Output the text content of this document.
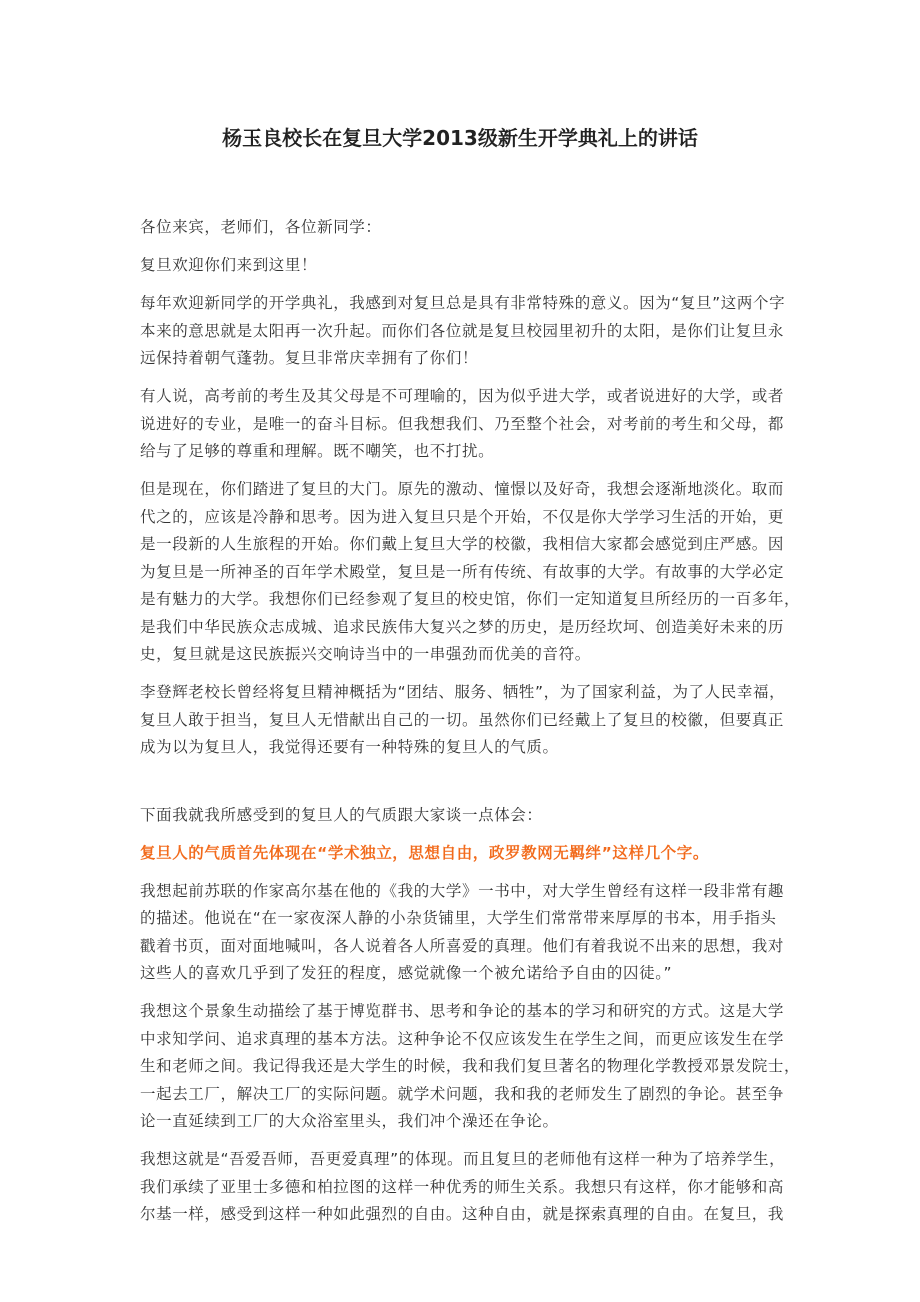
杨玉良校长在复旦大学2013级新生开学典礼上的讲话
各位来宾，老师们，各位新同学：
复旦欢迎你们来到这里！
每年欢迎新同学的开学典礼，我感到对复旦总是具有非常特殊的意义。因为“复旦”这两个字
本来的意思就是太阳再一次升起。而你们各位就是复旦校园里初升的太阳，是你们让复旦永
远保持着朝气蓬勃。复旦非常庆幸拥有了你们！
有人说，高考前的考生及其父母是不可理喻的，因为似乎进大学，或者说进好的大学，或者
说进好的专业，是唯一的奋斗目标。但我想我们、乃至整个社会，对考前的考生和父母，都
给与了足够的尊重和理解。既不嘲笑，也不打扰。
但是现在，你们踏进了复旦的大门。原先的激动、憧憬以及好奇，我想会逐渐地淡化。取而
代之的，应该是冷静和思考。因为进入复旦只是个开始，不仅是你大学学习生活的开始，更
是一段新的人生旅程的开始。你们戴上复旦大学的校徽，我相信大家都会感觉到庄严感。因
为复旦是一所神圣的百年学术殿堂，复旦是一所有传统、有故事的大学。有故事的大学必定
是有魅力的大学。我想你们已经参观了复旦的校史馆，你们一定知道复旦所经历的一百多年，
是我们中华民族众志成城、追求民族伟大复兴之梦的历史，是历经坎坷、创造美好未来的历
史，复旦就是这民族振兴交响诗当中的一串强劲而优美的音符。
李登辉老校长曾经将复旦精神概括为“团结、服务、牺牲”，为了国家利益，为了人民幸福，
复旦人敢于担当，复旦人无惜献出自己的一切。虽然你们已经戴上了复旦的校徽，但要真正
成为以为复旦人，我觉得还要有一种特殊的复旦人的气质。
下面我就我所感受到的复旦人的气质跟大家谈一点体会：
复旦人的气质首先体现在“学术独立，思想自由，政罗教网无羁绊”这样几个字。
我想起前苏联的作家高尔基在他的《我的大学》一书中，对大学生曾经有这样一段非常有趣
的描述。他说在“在一家夜深人静的小杂货铺里，大学生们常常带来厚厚的书本，用手指头
戳着书页，面对面地喊叫，各人说着各人所喜爱的真理。他们有着我说不出来的思想，我对
这些人的喜欢几乎到了发狂的程度，感觉就像一个被允诺给予自由的囚徒。”
我想这个景象生动描绘了基于博览群书、思考和争论的基本的学习和研究的方式。这是大学
中求知学问、追求真理的基本方法。这种争论不仅应该发生在学生之间，而更应该发生在学
生和老师之间。我记得我还是大学生的时候，我和我们复旦著名的物理化学教授邓景发院士，
一起去工厂，解决工厂的实际问题。就学术问题，我和我的老师发生了剧烈的争论。甚至争
论一直延续到工厂的大众浴室里头，我们冲个澡还在争论。
我想这就是“吾爱吾师，吾更爱真理”的体现。而且复旦的老师他有这样一种为了培养学生，
我们承续了亚里士多德和柏拉图的这样一种优秀的师生关系。我想只有这样，你才能够和高
尔基一样，感受到这样一种如此强烈的自由。这种自由，就是探索真理的自由。在复旦，我
